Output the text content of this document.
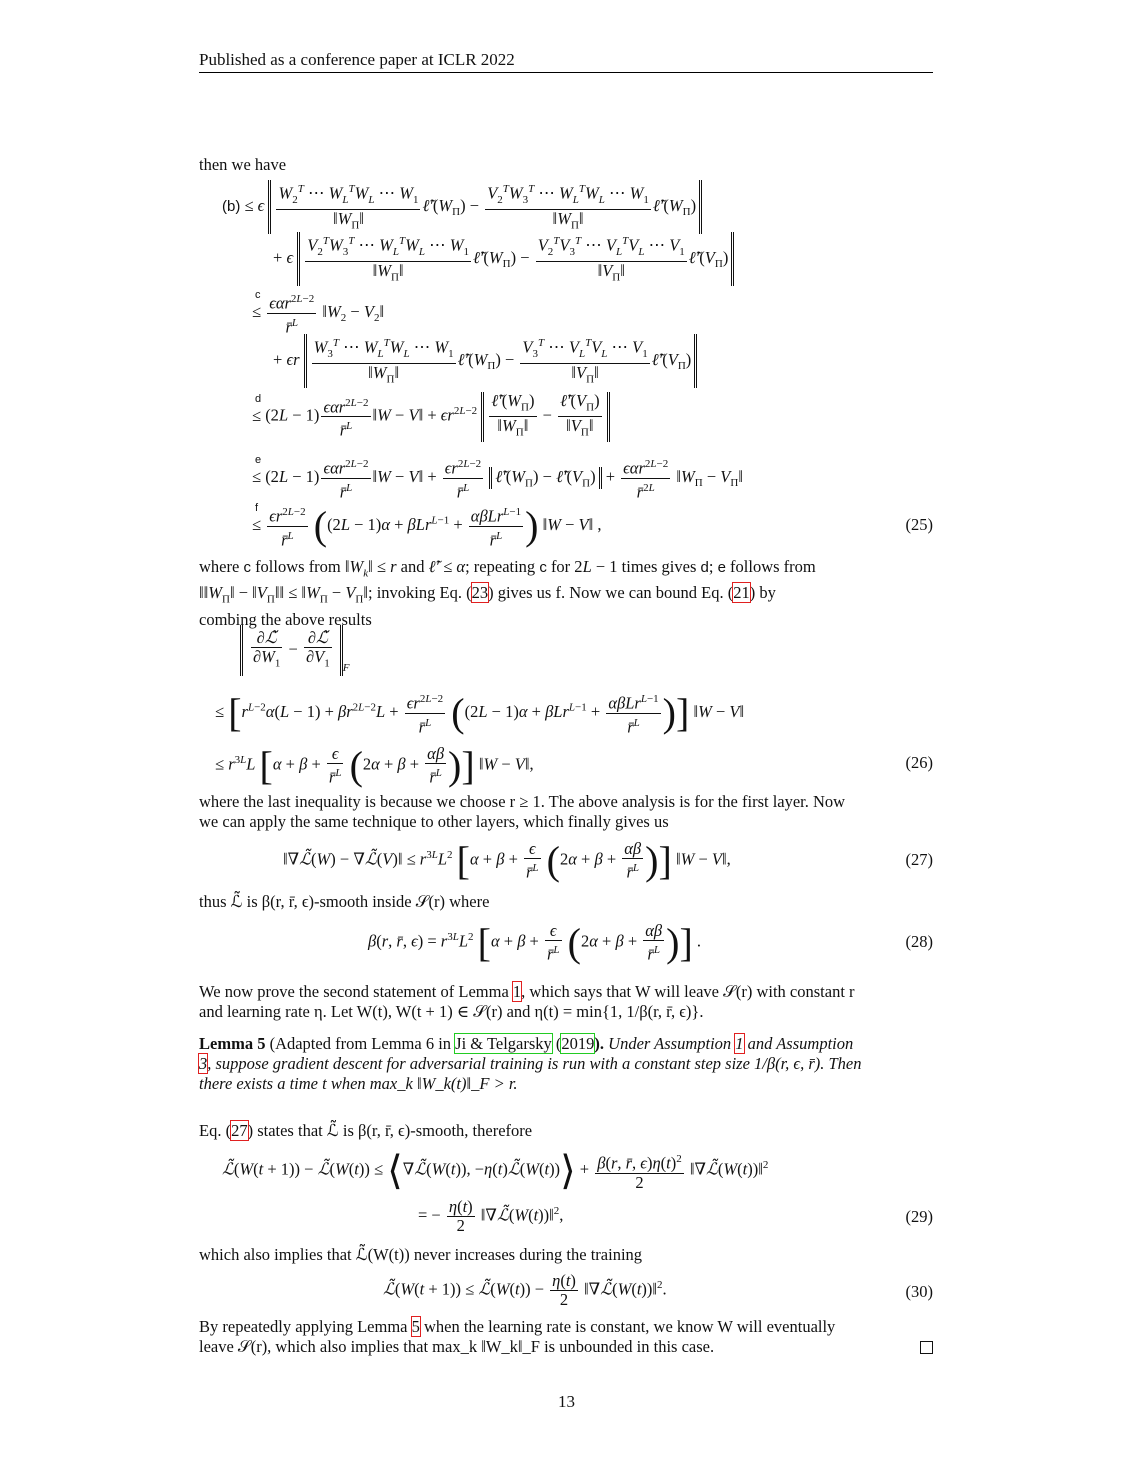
Published as a conference paper at ICLR 2022
then we have
(b) ≤ ϵ $\frac{W_2^T \cdots W_L^TW_L \cdots W_1}{‖W_\Pi‖}$ $\ell̃'(W_\Pi) - \frac{V_2^TW_3^T \cdots W_L^TW_L \cdots W_1}{‖W_\Pi‖}$ $\ell̃'(W_\Pi)$
+ ϵ $\frac{V_2^TW_3^T \cdots W_L^TW_L \cdots W_1}{‖W_\Pi‖}$ $\ell̃'(W_\Pi) - \frac{V_2^TV_3^T \cdots V_L^TV_L \cdots V_1}{‖V_\Pi‖}$ $\ell̃'(V_\Pi)$
c
≤ $\frac{\epsilon\alpha r^{2L-2}}{r̄^L}$ $‖W_2$ − $V_2‖$
+ ϵr $\frac{W_3^T \cdots W_L^TW_L \cdots W_1}{‖W_\Pi‖}$ $\ell̃'(W_\Pi) - \frac{V_3^T \cdots V_L^TV_L \cdots V_1}{‖V_\Pi‖}$ $\ell̃'(V_\Pi)$
d
≤ $(2L - 1) \frac{\epsilon\alpha r^{2L-2}}{r̄^L}$ ‖W − V‖ + $\epsilon r^{2L-2} \frac{\ell̃'(W_\Pi)}{‖W_\Pi‖} - \frac{\ell̃'(V_\Pi)}{‖V_\Pi‖}$
e
≤ $(2L - 1) \frac{\epsilon\alpha r^{2L-2}}{r̄^L}$ ‖W − V‖ + $\frac{\epsilon r^{2L-2}}{r̄^L}$ $\ell̃'(W_\Pi)$ − $\ell̃'(V_\Pi) + \frac{\epsilon\alpha r^{2L-2}}{r̄^{2L}}$ $‖W_\Pi$ − $V_\Pi‖$
f
≤ $\frac{\epsilon r^{2L-2}}{r̄^L} ((2L - 1)\alpha + \beta Lr^{L-1} + \frac{\alpha\beta Lr^{L-1}}{r̄^L}$ ) ‖W − V‖ ,	(25)
where c follows from $‖W_k‖ \le r$ and ℓ̃′ ≤ α; repeating c for 2L − 1 times gives d; e follows from
$‖‖W_\Pi‖$ − $‖V_\Pi‖‖$ ≤ $‖W_\Pi$ − $V_\Pi‖$; invoking Eq. (23) gives us f. Now we can bound Eq. (21) by
combing the above results
$\frac{\text{∂ℒ̃}}{\partial W_1} - \frac{\text{∂ℒ̃}}{\partial V_1} _F$
≤ [$r^{L-2}\alpha(L - 1) + \beta r^{2L-2}L + \frac{\epsilon r^{2L-2}}{r̄^L} ((2L - 1)\alpha + \beta Lr^{L-1} + \frac{\alpha\beta Lr^{L-1}}{r̄^L}$ )] ‖W − V‖
≤ $r^{3L}L$ [$\alpha + \beta + \frac{\epsilon}{r̄^L} (2\alpha + \beta + \frac{\alpha\beta}{r̄^L}$ )] ‖W − V‖,	(26)
where the last inequality is because we choose r ≥ 1. The above analysis is for the first layer. Now
we can apply the same technique to other layers, which finally gives us
‖∇ℒ̃(W) − ∇ℒ̃(V)‖ ≤ $r^{3L}L^2$ [$\alpha + \beta + \frac{\epsilon}{r̄^L} (2\alpha + \beta + \frac{\alpha\beta}{r̄^L}$ )] ‖W − V‖,	(27)
thus ℒ̃ is β(r, r̄, ϵ)-smooth inside 𝒮(r) where
β(r, r̄, $\epsilon) = r^{3L}L^2$ [$\alpha + \beta + \frac{\epsilon}{r̄^L} (2\alpha + \beta + \frac{\alpha\beta}{r̄^L}$ )] .	(28)
We now prove the second statement of Lemma 1, which says that W will leave 𝒮(r) with constant r
and learning rate η. Let W(t), W(t + 1) ∈ 𝒮(r) and η(t) = min{1, 1/β(r, r̄, ϵ)}.
Lemma 5 (Adapted from Lemma 6 in Ji & Telgarsky (2019). Under Assumption 1 and Assumption
3, suppose gradient descent for adversarial training is run with a constant step size 1/β(r, ϵ, r̄). Then
there exists a time t when max_k ‖W_k(t)‖_F > r.
Eq. (27) states that ℒ̃ is β(r, r̄, ϵ)-smooth, therefore
ℒ̃(W(t + 1)) − ℒ̃(W(t)) ≤ ⟨∇ℒ̃(W(t)), −η(t)ℒ̃(W(t))⟩ + $\frac{\beta(r, r̄, \epsilon)\eta(t)^2}{2}$ ‖∇ℒ̃(W(t))‖$^2$
= − $\frac{\eta(t)}{2}$ ‖∇ℒ̃(W(t))‖$^2$,	(29)
which also implies that ℒ̃(W(t)) never increases during the training
ℒ̃(W(t + 1)) ≤ ℒ̃(W(t)) − $\frac{\eta(t)}{2}$ ‖∇ℒ̃(W(t))‖$^2$.	(30)
By repeatedly applying Lemma 5 when the learning rate is constant, we know W will eventually
leave 𝒮(r), which also implies that max_k ‖W_k‖_F is unbounded in this case.
13
